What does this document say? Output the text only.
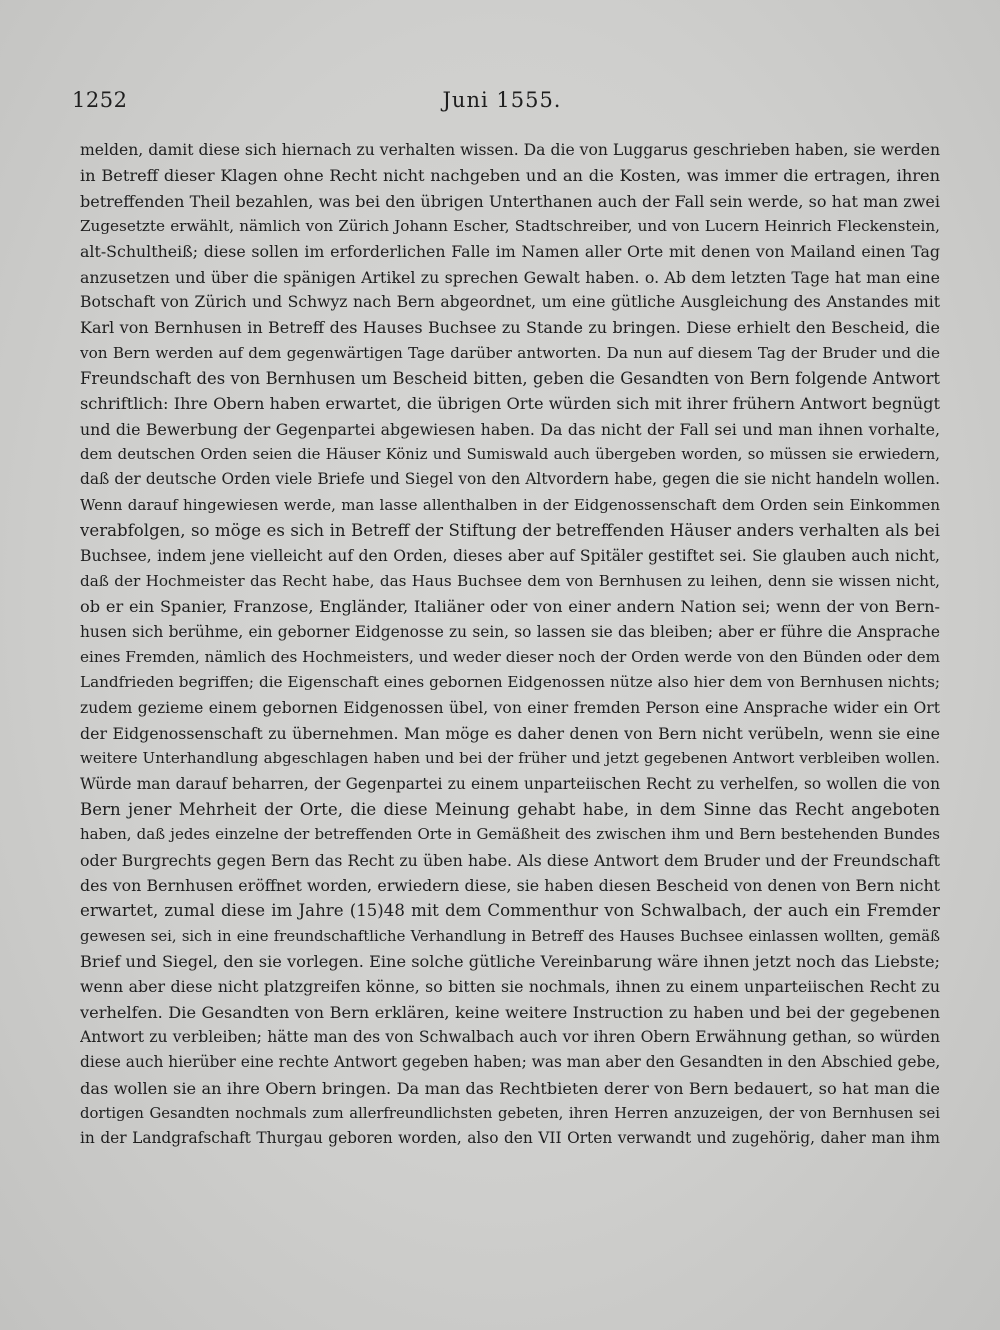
1252	Juni 1555.
melden, damit diese sich hiernach zu verhalten wissen. Da die von Luggarus geschrieben haben, sie werden
in Betreff dieser Klagen ohne Recht nicht nachgeben und an die Kosten, was immer die ertragen, ihren
betreffenden Theil bezahlen, was bei den übrigen Unterthanen auch der Fall sein werde, so hat man zwei
Zugesetzte erwählt, nämlich von Zürich Johann Escher, Stadtschreiber, und von Lucern Heinrich Fleckenstein,
alt-Schultheiß; diese sollen im erforderlichen Falle im Namen aller Orte mit denen von Mailand einen Tag
anzusetzen und über die spänigen Artikel zu sprechen Gewalt haben. o. Ab dem letzten Tage hat man eine
Botschaft von Zürich und Schwyz nach Bern abgeordnet, um eine gütliche Ausgleichung des Anstandes mit
Karl von Bernhusen in Betreff des Hauses Buchsee zu Stande zu bringen. Diese erhielt den Bescheid, die
von Bern werden auf dem gegenwärtigen Tage darüber antworten. Da nun auf diesem Tag der Bruder und die
Freundschaft des von Bernhusen um Bescheid bitten, geben die Gesandten von Bern folgende Antwort
schriftlich: Ihre Obern haben erwartet, die übrigen Orte würden sich mit ihrer frühern Antwort begnügt
und die Bewerbung der Gegenpartei abgewiesen haben. Da das nicht der Fall sei und man ihnen vorhalte,
dem deutschen Orden seien die Häuser Köniz und Sumiswald auch übergeben worden, so müssen sie erwiedern,
daß der deutsche Orden viele Briefe und Siegel von den Altvordern habe, gegen die sie nicht handeln wollen.
Wenn darauf hingewiesen werde, man lasse allenthalben in der Eidgenossenschaft dem Orden sein Einkommen
verabfolgen, so möge es sich in Betreff der Stiftung der betreffenden Häuser anders verhalten als bei
Buchsee, indem jene vielleicht auf den Orden, dieses aber auf Spitäler gestiftet sei. Sie glauben auch nicht,
daß der Hochmeister das Recht habe, das Haus Buchsee dem von Bernhusen zu leihen, denn sie wissen nicht,
ob er ein Spanier, Franzose, Engländer, Italiäner oder von einer andern Nation sei; wenn der von Bern-
husen sich berühme, ein geborner Eidgenosse zu sein, so lassen sie das bleiben; aber er führe die Ansprache
eines Fremden, nämlich des Hochmeisters, und weder dieser noch der Orden werde von den Bünden oder dem
Landfrieden begriffen; die Eigenschaft eines gebornen Eidgenossen nütze also hier dem von Bernhusen nichts;
zudem gezieme einem gebornen Eidgenossen übel, von einer fremden Person eine Ansprache wider ein Ort
der Eidgenossenschaft zu übernehmen. Man möge es daher denen von Bern nicht verübeln, wenn sie eine
weitere Unterhandlung abgeschlagen haben und bei der früher und jetzt gegebenen Antwort verbleiben wollen.
Würde man darauf beharren, der Gegenpartei zu einem unparteiischen Recht zu verhelfen, so wollen die von
Bern jener Mehrheit der Orte, die diese Meinung gehabt habe, in dem Sinne das Recht angeboten
haben, daß jedes einzelne der betreffenden Orte in Gemäßheit des zwischen ihm und Bern bestehenden Bundes
oder Burgrechts gegen Bern das Recht zu üben habe. Als diese Antwort dem Bruder und der Freundschaft
des von Bernhusen eröffnet worden, erwiedern diese, sie haben diesen Bescheid von denen von Bern nicht
erwartet, zumal diese im Jahre (15)48 mit dem Commenthur von Schwalbach, der auch ein Fremder
gewesen sei, sich in eine freundschaftliche Verhandlung in Betreff des Hauses Buchsee einlassen wollten, gemäß
Brief und Siegel, den sie vorlegen. Eine solche gütliche Vereinbarung wäre ihnen jetzt noch das Liebste;
wenn aber diese nicht platzgreifen könne, so bitten sie nochmals, ihnen zu einem unparteiischen Recht zu
verhelfen. Die Gesandten von Bern erklären, keine weitere Instruction zu haben und bei der gegebenen
Antwort zu verbleiben; hätte man des von Schwalbach auch vor ihren Obern Erwähnung gethan, so würden
diese auch hierüber eine rechte Antwort gegeben haben; was man aber den Gesandten in den Abschied gebe,
das wollen sie an ihre Obern bringen. Da man das Rechtbieten derer von Bern bedauert, so hat man die
dortigen Gesandten nochmals zum allerfreundlichsten gebeten, ihren Herren anzuzeigen, der von Bernhusen sei
in der Landgrafschaft Thurgau geboren worden, also den VII Orten verwandt und zugehörig, daher man ihm
